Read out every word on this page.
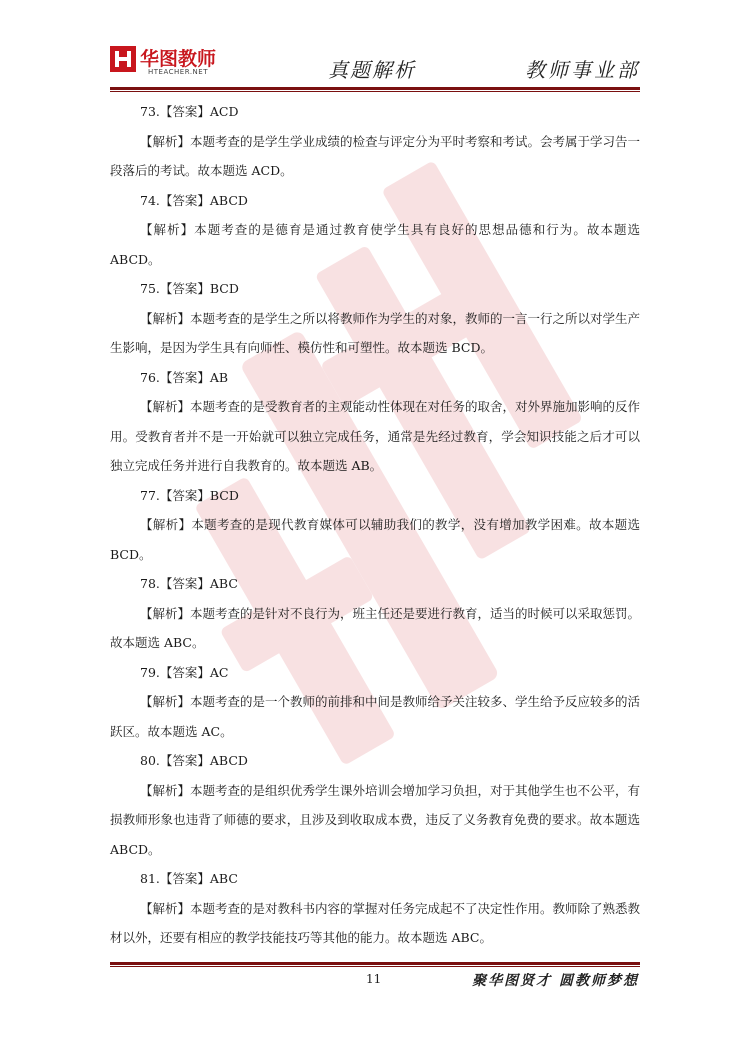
华图教师
HTEACHER.NET	真题解析	教师事业部

73.【答案】ACD

【解析】本题考查的是学生学业成绩的检查与评定分为平时考察和考试。会考属于学习告一段落后的考试。故本题选 ACD。

74.【答案】ABCD

【解析】本题考查的是德育是通过教育使学生具有良好的思想品德和行为。故本题选ABCD。

75.【答案】BCD

【解析】本题考查的是学生之所以将教师作为学生的对象，教师的一言一行之所以对学生产生影响，是因为学生具有向师性、模仿性和可塑性。故本题选 BCD。

76.【答案】AB

【解析】本题考查的是受教育者的主观能动性体现在对任务的取舍，对外界施加影响的反作用。受教育者并不是一开始就可以独立完成任务，通常是先经过教育，学会知识技能之后才可以独立完成任务并进行自我教育的。故本题选 AB。

77.【答案】BCD

【解析】本题考查的是现代教育媒体可以辅助我们的教学，没有增加教学困难。故本题选 BCD。

78.【答案】ABC

【解析】本题考查的是针对不良行为，班主任还是要进行教育，适当的时候可以采取惩罚。故本题选 ABC。

79.【答案】AC

【解析】本题考查的是一个教师的前排和中间是教师给予关注较多、学生给予反应较多的活跃区。故本题选 AC。

80.【答案】ABCD

【解析】本题考查的是组织优秀学生课外培训会增加学习负担，对于其他学生也不公平，有损教师形象也违背了师德的要求，且涉及到收取成本费，违反了义务教育免费的要求。故本题选 ABCD。

81.【答案】ABC

【解析】本题考查的是对教科书内容的掌握对任务完成起不了决定性作用。教师除了熟悉教材以外，还要有相应的教学技能技巧等其他的能力。故本题选 ABC。

11	聚华图贤才 圆教师梦想
